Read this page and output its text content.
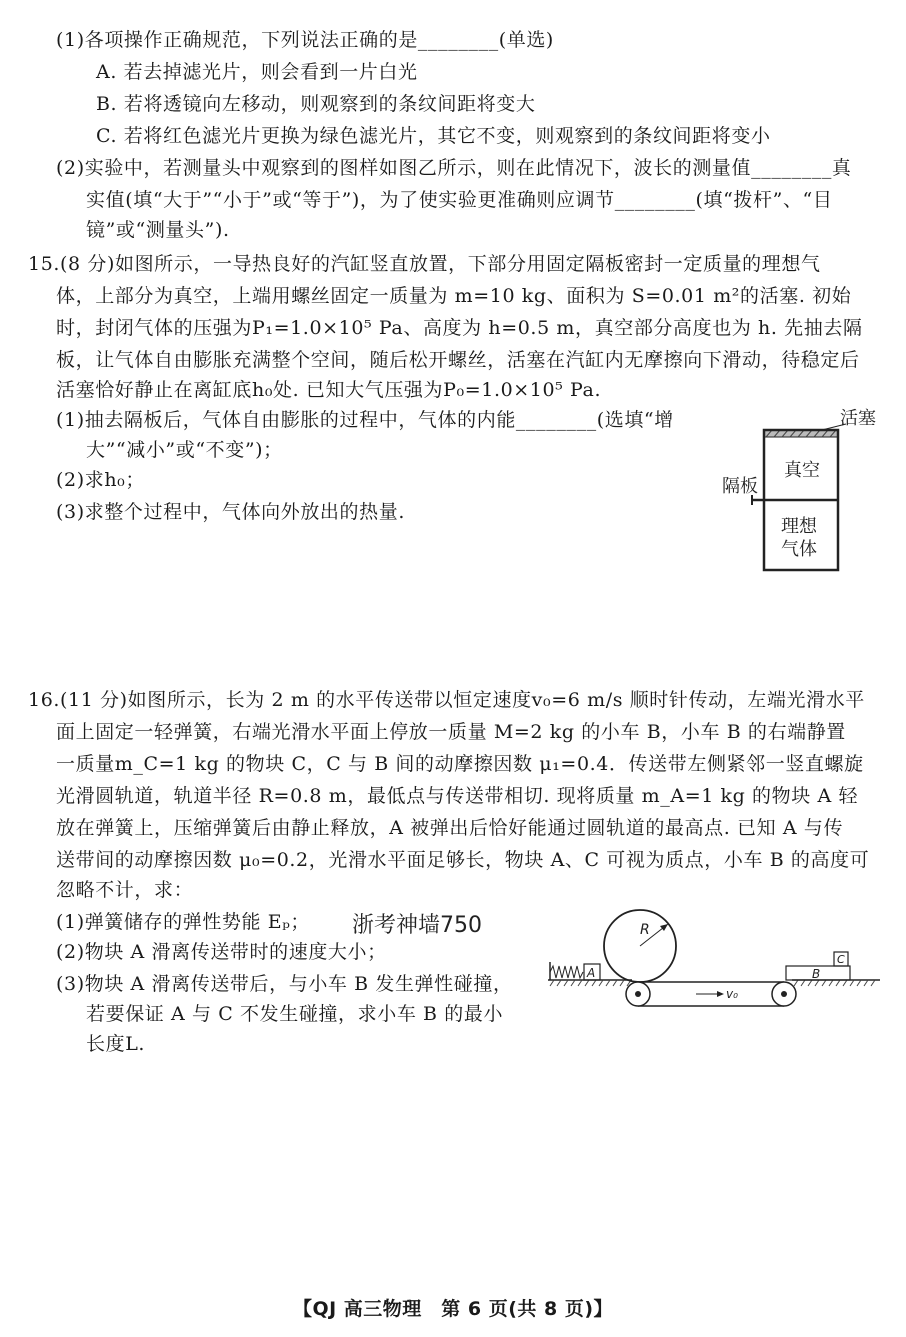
(1)各项操作正确规范，下列说法正确的是________(单选)
A. 若去掉滤光片，则会看到一片白光
B. 若将透镜向左移动，则观察到的条纹间距将变大
C. 若将红色滤光片更换为绿色滤光片，其它不变，则观察到的条纹间距将变小
(2)实验中，若测量头中观察到的图样如图乙所示，则在此情况下，波长的测量值________真
实值(填“大于”“小于”或“等于”)，为了使实验更准确则应调节________(填“拨杆”、“目
镜”或“测量头”).
15.(8 分)如图所示，一导热良好的汽缸竖直放置，下部分用固定隔板密封一定质量的理想气
体，上部分为真空，上端用螺丝固定一质量为 m=10 kg、面积为 S=0.01 m²的活塞. 初始
时，封闭气体的压强为P₁=1.0×10⁵ Pa、高度为 h=0.5 m，真空部分高度也为 h. 先抽去隔
板，让气体自由膨胀充满整个空间，随后松开螺丝，活塞在汽缸内无摩擦向下滑动，待稳定后
活塞恰好静止在离缸底h₀处. 已知大气压强为P₀=1.0×10⁵ Pa.
(1)抽去隔板后，气体自由膨胀的过程中，气体的内能________(选填“增
大”“减小”或“不变”)；
(2)求h₀；
(3)求整个过程中，气体向外放出的热量.
活塞
隔板
真空
理想
气体
16.(11 分)如图所示，长为 2 m 的水平传送带以恒定速度v₀=6 m/s 顺时针传动，左端光滑水平
面上固定一轻弹簧，右端光滑水平面上停放一质量 M=2 kg 的小车 B，小车 B 的右端静置
一质量m_C=1 kg 的物块 C，C 与 B 间的动摩擦因数 μ₁=0.4．传送带左侧紧邻一竖直螺旋
光滑圆轨道，轨道半径 R=0.8 m，最低点与传送带相切. 现将质量 m_A=1 kg 的物块 A 轻
放在弹簧上，压缩弹簧后由静止释放，A 被弹出后恰好能通过圆轨道的最高点. 已知 A 与传
送带间的动摩擦因数 μ₀=0.2，光滑水平面足够长，物块 A、C 可视为质点，小车 B 的高度可
忽略不计，求：
(1)弹簧储存的弹性势能 Eₚ；
(2)物块 A 滑离传送带时的速度大小；
(3)物块 A 滑离传送带后，与小车 B 发生弹性碰撞，
若要保证 A 与 C 不发生碰撞，求小车 B 的最小
长度L.
浙考神墙750
A
R
v₀
B
C
【QJ 高三物理　第 6 页(共 8 页)】
